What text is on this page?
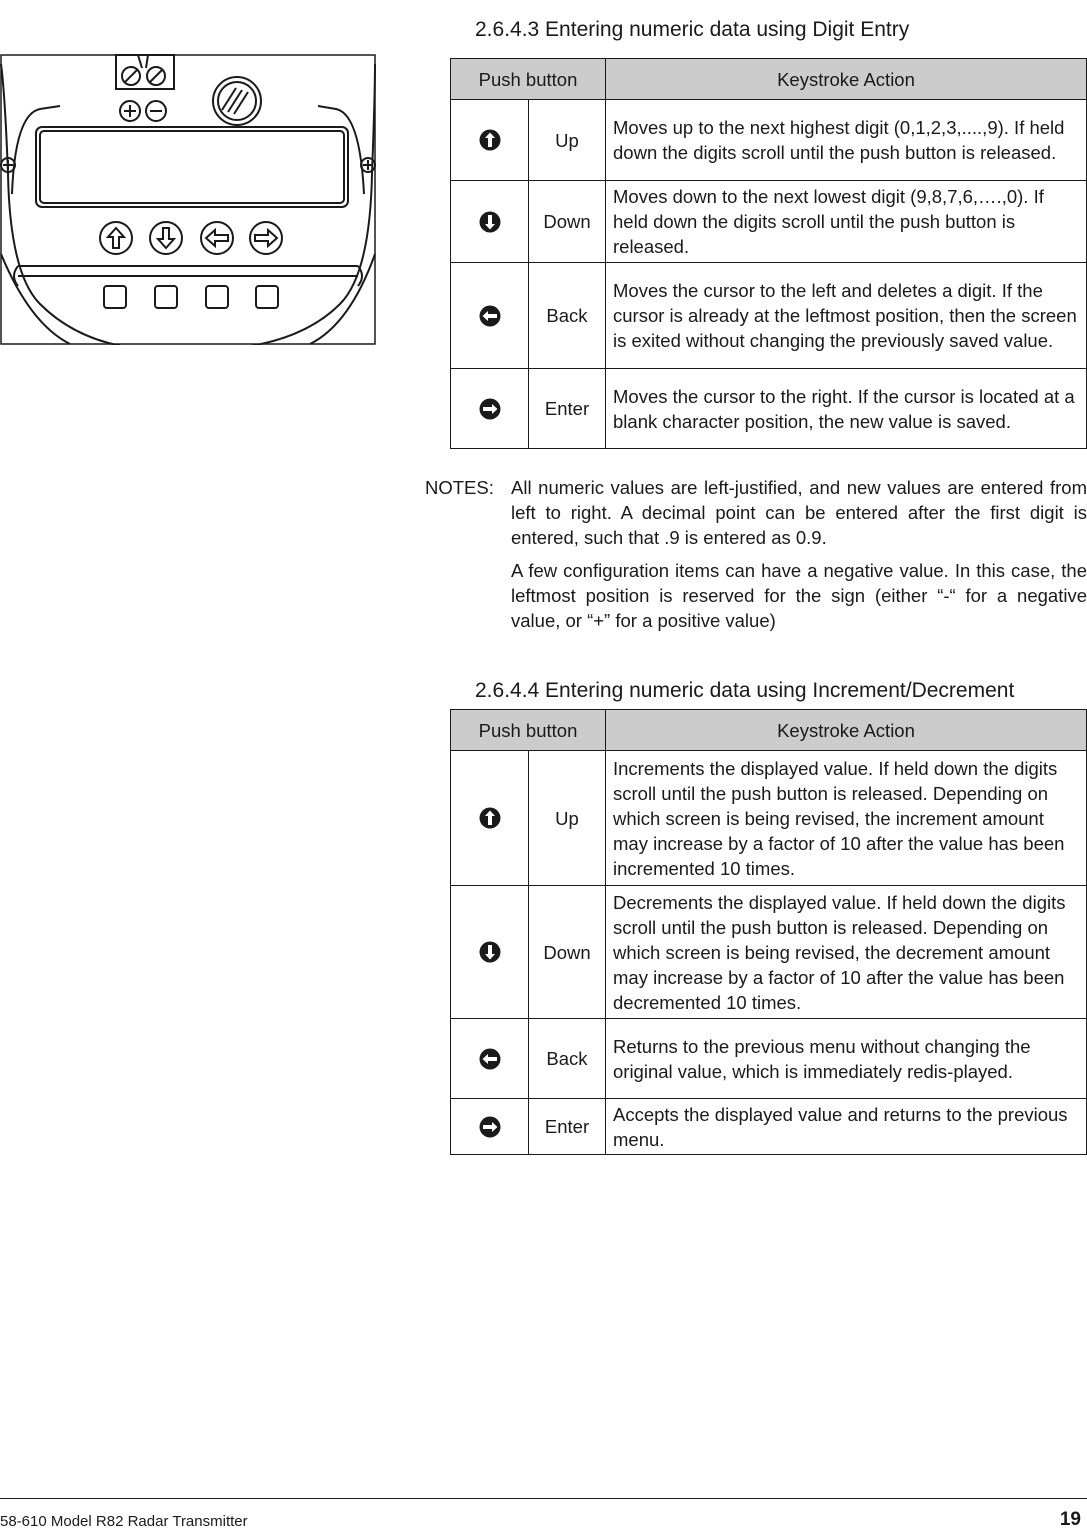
2.6.4.3 Entering numeric data using Digit Entry
Push button		Keystroke Action

	Up	Moves up to the next highest digit (0,1,2,3,....,9). If held down the digits scroll until the push button is released.

	Down	Moves down to the next lowest digit (9,8,7,6,….,0). If held down the digits scroll until the push button is released.

	Back	Moves the cursor to the left and deletes a digit. If the cursor is already at the leftmost position, then the screen is exited without changing the previously saved value.

	Enter	Moves the cursor to the right. If the cursor is located at a blank character position, the new value is saved.
NOTES: All numeric values are left-justified, and new values are entered from left to right. A decimal point can be entered after the first digit is entered, such that .9 is entered as 0.9.

A few configuration items can have a negative value. In this case, the leftmost position is reserved for the sign (either “-“ for a negative value, or “+” for a positive value)

2.6.4.4 Entering numeric data using Increment/Decrement
Push button		Keystroke Action

	Up	Increments the displayed value. If held down the digits scroll until the push button is released. Depending on which screen is being revised, the increment amount may increase by a factor of 10 after the value has been incremented 10 times.

	Down	Decrements the displayed value. If held down the digits scroll until the push button is released. Depending on which screen is being revised, the decrement amount may increase by a factor of 10 after the value has been decremented 10 times.

	Back	Returns to the previous menu without changing the original value, which is immediately redis-played.

	Enter	Accepts the displayed value and returns to the previous menu.
58-610 Model R82 Radar Transmitter	19
